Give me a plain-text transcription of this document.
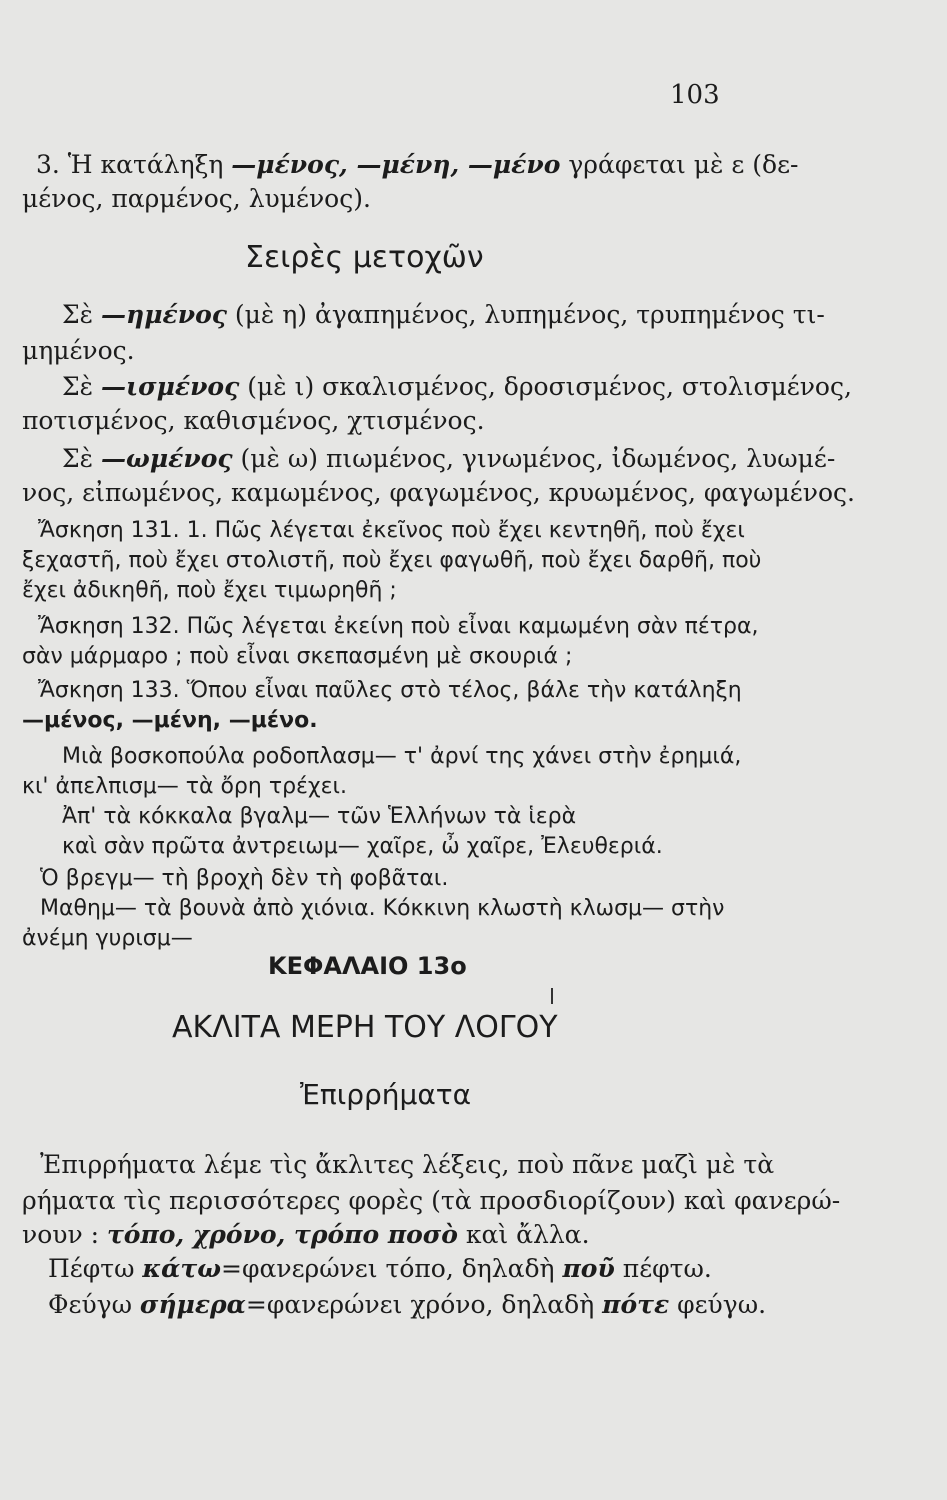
103
3. Ἡ κατάληξη —μένος, —μένη, —μένο γράφεται μὲ ε (δε-
μένος, παρμένος, λυμένος).
Σειρὲς μετοχῶν
Σὲ —ημένος (μὲ η) ἀγαπημένος, λυπημένος, τρυπημένος τι-
μημένος.
Σὲ —ισμένος (μὲ ι) σκαλισμένος, δροσισμένος, στολισμένος,
ποτισμένος, καθισμένος, χτισμένος.
Σὲ —ωμένος (μὲ ω) πιωμένος, γινωμένος, ἰδωμένος, λυωμέ-
νος, εἰπωμένος, καμωμένος, φαγωμένος, κρυωμένος, φαγωμένος.
Ἄσκηση 131. 1. Πῶς λέγεται ἐκεῖνος ποὺ ἔχει κεντηθῆ, ποὺ ἔχει
ξεχαστῆ, ποὺ ἔχει στολιστῆ, ποὺ ἔχει φαγωθῆ, ποὺ ἔχει δαρθῆ, ποὺ
ἔχει ἀδικηθῆ, ποὺ ἔχει τιμωρηθῆ ;
Ἄσκηση 132. Πῶς λέγεται ἐκείνη ποὺ εἶναι καμωμένη σὰν πέτρα,
σὰν μάρμαρο ; ποὺ εἶναι σκεπασμένη μὲ σκουριά ;
Ἄσκηση 133. Ὅπου εἶναι παῦλες στὸ τέλος, βάλε τὴν κατάληξη
—μένος, —μένη, —μένο.
Μιὰ βοσκοπούλα ροδοπλασμ— τ' ἀρνί της χάνει στὴν ἐρημιά,
κι' ἀπελπισμ— τὰ ὄρη τρέχει.
Ἀπ' τὰ κόκκαλα βγαλμ— τῶν Ἑλλήνων τὰ ἱερὰ
καὶ σὰν πρῶτα ἀντρειωμ— χαῖρε, ὦ χαῖρε, Ἐλευθεριά.
Ὁ βρεγμ— τὴ βροχὴ δὲν τὴ φοβᾶται.
Μαθημ— τὰ βουνὰ ἀπὸ χιόνια. Κόκκινη κλωστὴ κλωσμ— στὴν
ἀνέμη γυρισμ—
ΚΕΦΑΛΑΙΟ 13ο
ΑΚΛΙΤΑ ΜΕΡΗ ΤΟΥ ΛΟΓΟΥ
Ἐπιρρήματα
Ἐπιρρήματα λέμε τὶς ἄκλιτες λέξεις, ποὺ πᾶνε μαζὶ μὲ τὰ
ρήματα τὶς περισσότερες φορὲς (τὰ προσδιορίζουν) καὶ φανερώ-
νουν : τόπο, χρόνο, τρόπο ποσὸ καὶ ἄλλα.
Πέφτω κάτω=φανερώνει τόπο, δηλαδὴ ποῦ πέφτω.
Φεύγω σήμερα=φανερώνει χρόνο, δηλαδὴ πότε φεύγω.
